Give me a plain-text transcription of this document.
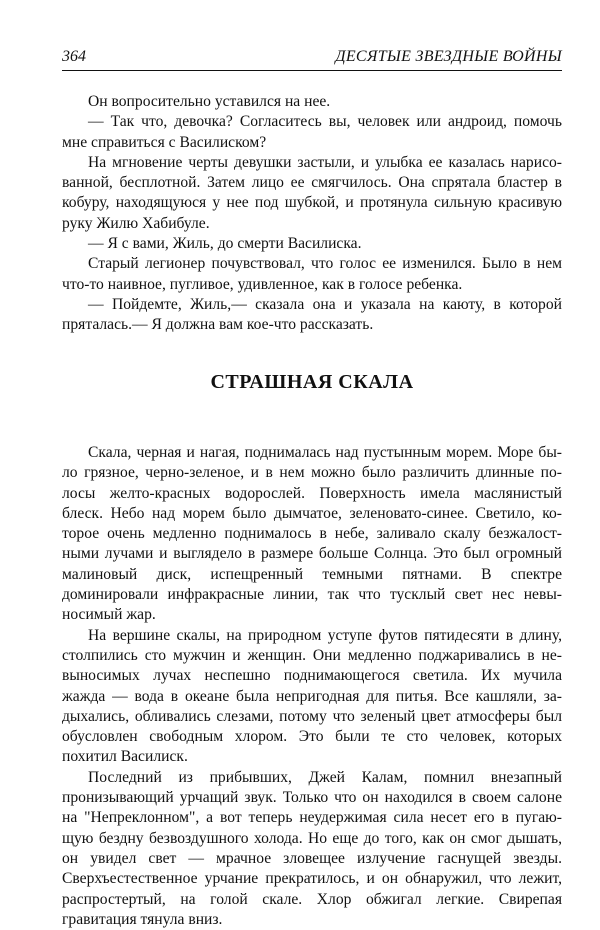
364	ДЕСЯТЫЕ ЗВЕЗДНЫЕ ВОЙНЫ
Он вопросительно уставился на нее.
— Так что, девочка? Согласитесь вы, человек или андроид, помочь
мне справиться с Василиском?
На мгновение черты девушки застыли, и улыбка ее казалась нарисо-
ванной, бесплотной. Затем лицо ее смягчилось. Она спрятала бластер в
кобуру, находящуюся у нее под шубкой, и протянула сильную красивую
руку Жилю Хабибуле.
— Я с вами, Жиль, до смерти Василиска.
Старый легионер почувствовал, что голос ее изменился. Было в нем
что-то наивное, пугливое, удивленное, как в голосе ребенка.
— Пойдемте, Жиль,— сказала она и указала на каюту, в которой
пряталась.— Я должна вам кое-что рассказать.
СТРАШНАЯ СКАЛА
Скала, черная и нагая, поднималась над пустынным морем. Море бы-
ло грязное, черно-зеленое, и в нем можно было различить длинные по-
лосы желто-красных водорослей. Поверхность имела маслянистый
блеск. Небо над морем было дымчатое, зеленовато-синее. Светило, ко-
торое очень медленно поднималось в небе, заливало скалу безжалост-
ными лучами и выглядело в размере больше Солнца. Это был огромный
малиновый диск, испещренный темными пятнами. В спектре
доминировали инфракрасные линии, так что тусклый свет нес невы-
носимый жар.
На вершине скалы, на природном уступе футов пятидесяти в длину,
столпились сто мужчин и женщин. Они медленно поджаривались в не-
выносимых лучах неспешно поднимающегося светила. Их мучила
жажда — вода в океане была непригодная для питья. Все кашляли, за-
дыхались, обливались слезами, потому что зеленый цвет атмосферы был
обусловлен свободным хлором. Это были те сто человек, которых
похитил Василиск.
Последний из прибывших, Джей Калам, помнил внезапный
пронизывающий урчащий звук. Только что он находился в своем салоне
на "Непреклонном", а вот теперь неудержимая сила несет его в пугаю-
щую бездну безвоздушного холода. Но еще до того, как он смог дышать,
он увидел свет — мрачное зловещее излучение гаснущей звезды.
Сверхъестественное урчание прекратилось, и он обнаружил, что лежит,
распростертый, на голой скале. Хлор обжигал легкие. Свирепая
гравитация тянула вниз.
